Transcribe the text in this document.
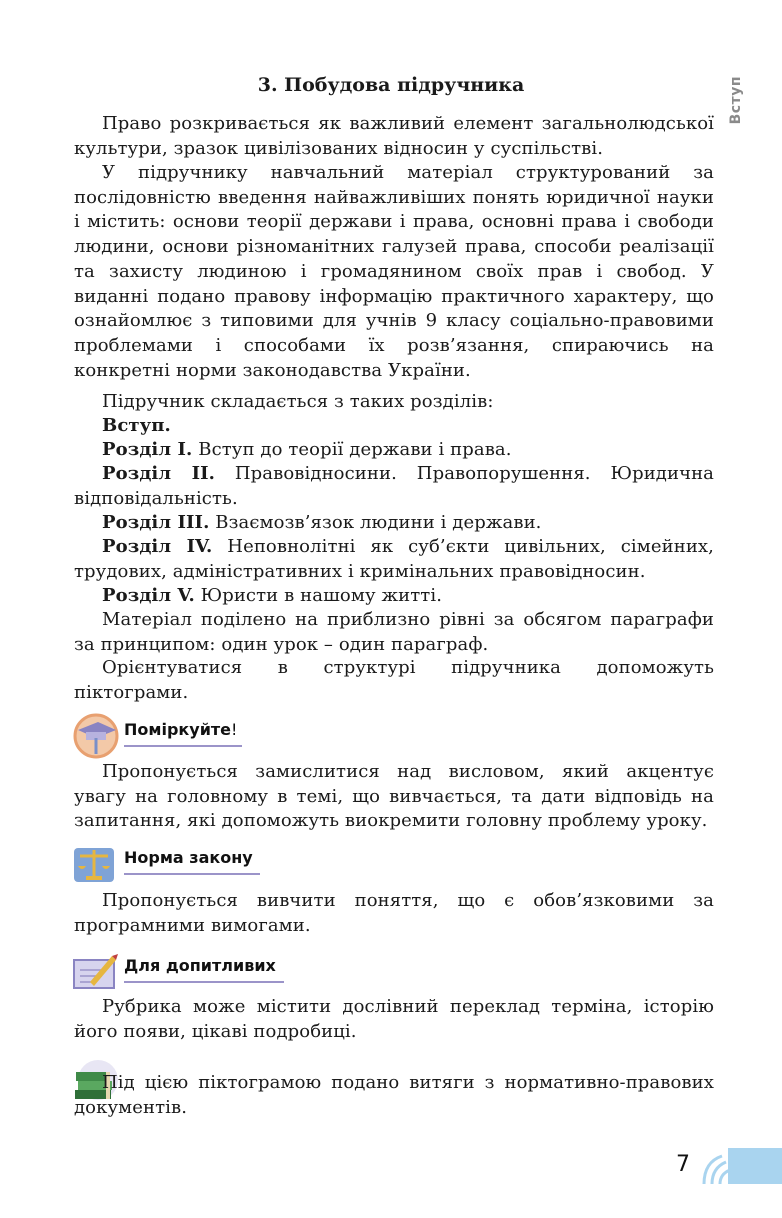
3. Побудова підручника	Вступ
Право розкривається як важливий елемент загальнолюдської культури, зразок цивілізованих відносин у суспільстві.
У підручнику навчальний матеріал структурований за послідовністю введення найважливіших понять юридичної науки і містить: основи теорії держави і права, основні права і свободи людини, основи різноманітних галузей права, способи реалізації та захисту людиною і громадянином своїх прав і свобод. У виданні подано правову інформацію практичного характеру, що ознайомлює з типовими для учнів 9 класу соціально-правовими проблемами і способами їх розв’язання, спираючись на конкретні норми законодавства України.
Підручник складається з таких розділів:
Вступ.
Розділ I. Вступ до теорії держави і права.
Розділ II. Правовідносини. Правопорушення. Юридична відповідальність.
Розділ III. Взаємозв’язок людини і держави.
Розділ IV. Неповнолітні як суб’єкти цивільних, сімейних, трудових, адміністративних і кримінальних правовідносин.
Розділ V. Юристи в нашому житті.
Матеріал поділено на приблизно рівні за обсягом параграфи за принципом: один урок – один параграф.
Орієнтуватися в структурі підручника допоможуть піктограми.
Поміркуйте!
Пропонується замислитися над висловом, який акцентує увагу на головному в темі, що вивчається, та дати відповідь на запитання, які допоможуть виокремити головну проблему уроку.
Норма закону
Пропонується вивчити поняття, що є обов’язковими за програмними вимогами.
Для допитливих
Рубрика може містити дослівний переклад терміна, історію його появи, цікаві подробиці.
Під цією піктограмою подано витяги з нормативно-правових документів.
7
